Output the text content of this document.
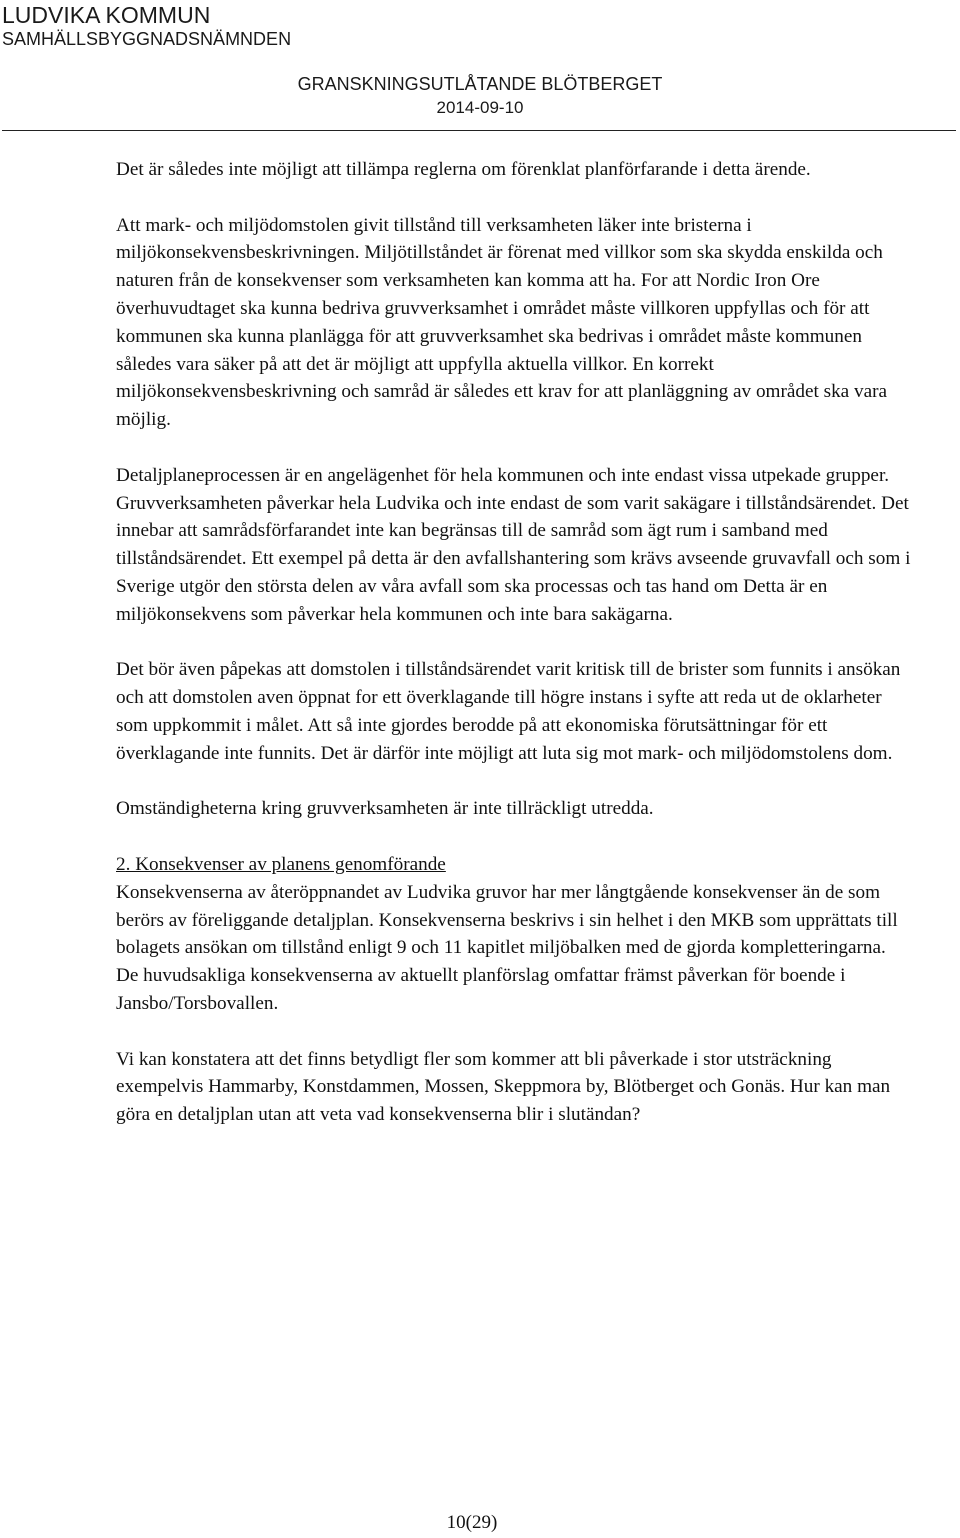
LUDVIKA KOMMUN
SAMHÄLLSBYGGNADSNÄMNDEN
GRANSKNINGSUTLÅTANDE BLÖTBERGET
2014-09-10

Det är således inte möjligt att tillämpa reglerna om förenklat planförfarande i detta ärende.

Att mark- och miljödomstolen givit tillstånd till verksamheten läker inte bristerna i miljökonsekvensbeskrivningen. Miljötillståndet är förenat med villkor som ska skydda enskilda och naturen från de konsekvenser som verksamheten kan komma att ha. For att Nordic Iron Ore överhuvudtaget ska kunna bedriva gruvverksamhet i området måste villkoren uppfyllas och för att kommunen ska kunna planlägga för att gruvverksamhet ska bedrivas i området måste kommunen således vara säker på att det är möjligt att uppfylla aktuella villkor. En korrekt miljökonsekvensbeskrivning och samråd är således ett krav for att planläggning av området ska vara möjlig.

Detaljplaneprocessen är en angelägenhet för hela kommunen och inte endast vissa utpekade grupper. Gruvverksamheten påverkar hela Ludvika och inte endast de som varit sakägare i tillståndsärendet. Det innebar att samrådsförfarandet inte kan begränsas till de samråd som ägt rum i samband med tillståndsärendet. Ett exempel på detta är den avfallshantering som krävs avseende gruvavfall och som i Sverige utgör den största delen av våra avfall som ska processas och tas hand om Detta är en miljökonsekvens som påverkar hela kommunen och inte bara sakägarna.

Det bör även påpekas att domstolen i tillståndsärendet varit kritisk till de brister som funnits i ansökan och att domstolen aven öppnat for ett överklagande till högre instans i syfte att reda ut de oklarheter som uppkommit i målet. Att så inte gjordes berodde på att ekonomiska förutsättningar för ett överklagande inte funnits. Det är därför inte möjligt att luta sig mot mark- och miljödomstolens dom.

Omständigheterna kring gruvverksamheten är inte tillräckligt utredda.

2. Konsekvenser av planens genomförande

Konsekvenserna av återöppnandet av Ludvika gruvor har mer långtgående konsekvenser än de som berörs av föreliggande detaljplan. Konsekvenserna beskrivs i sin helhet i den MKB som upprättats till bolagets ansökan om tillstånd enligt 9 och 11 kapitlet miljöbalken med de gjorda kompletteringarna.

De huvudsakliga konsekvenserna av aktuellt planförslag omfattar främst påverkan för boende i Jansbo/Torsbovallen.

Vi kan konstatera att det finns betydligt fler som kommer att bli påverkade i stor utsträckning exempelvis Hammarby, Konstdammen, Mossen, Skeppmora by, Blötberget och Gonäs. Hur kan man göra en detaljplan utan att veta vad konsekvenserna blir i slutändan?

10(29)
